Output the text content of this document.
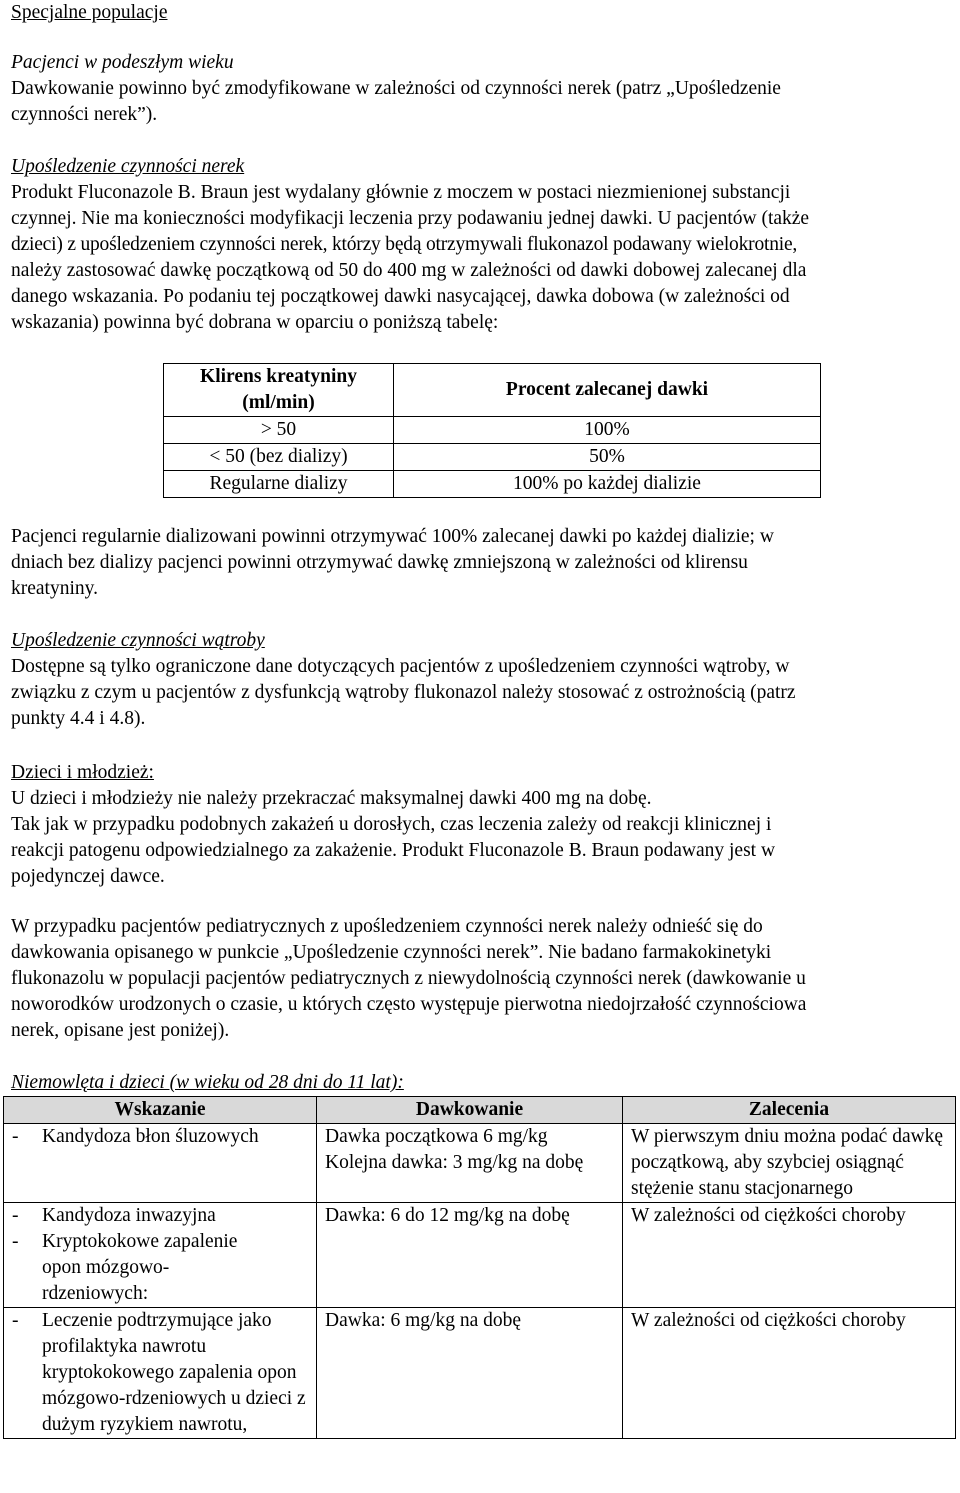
Specjalne populacje

Pacjenci w podeszłym wieku

Dawkowanie powinno być zmodyfikowane w zależności od czynności nerek (patrz „Upośledzenie
czynności nerek”).

Upośledzenie czynności nerek

Produkt Fluconazole B. Braun jest wydalany głównie z moczem w postaci niezmienionej substancji
czynnej. Nie ma konieczności modyfikacji leczenia przy podawaniu jednej dawki. U pacjentów (także
dzieci) z upośledzeniem czynności nerek, którzy będą otrzymywali flukonazol podawany wielokrotnie,
należy zastosować dawkę początkową od 50 do 400 mg w zależności od dawki dobowej zalecanej dla
danego wskazania. Po podaniu tej początkowej dawki nasycającej, dawka dobowa (w zależności od
wskazania) powinna być dobrana w oparciu o poniższą tabelę:
Klirens kreatyniny
(ml/min)	Procent zalecanej dawki
> 50	100%
< 50 (bez dializy)	50%
Regularne dializy	100% po każdej dializie
Pacjenci regularnie dializowani powinni otrzymywać 100% zalecanej dawki po każdej dializie; w
dniach bez dializy pacjenci powinni otrzymywać dawkę zmniejszoną w zależności od klirensu
kreatyniny.

Upośledzenie czynności wątroby

Dostępne są tylko ograniczone dane dotyczących pacjentów z upośledzeniem czynności wątroby, w
związku z czym u pacjentów z dysfunkcją wątroby flukonazol należy stosować z ostrożnością (patrz
punkty 4.4 i 4.8).

Dzieci i młodzież:

U dzieci i młodzieży nie należy przekraczać maksymalnej dawki 400 mg na dobę.
Tak jak w przypadku podobnych zakażeń u dorosłych, czas leczenia zależy od reakcji klinicznej i
reakcji patogenu odpowiedzialnego za zakażenie. Produkt Fluconazole B. Braun podawany jest w
pojedynczej dawce.
W przypadku pacjentów pediatrycznych z upośledzeniem czynności nerek należy odnieść się do
dawkowania opisanego w punkcie „Upośledzenie czynności nerek”. Nie badano farmakokinetyki
flukonazolu w populacji pacjentów pediatrycznych z niewydolnością czynności nerek (dawkowanie u
noworodków urodzonych o czasie, u których często występuje pierwotna niedojrzałość czynnościowa
nerek, opisane jest poniżej).

Niemowlęta i dzieci (w wieku od 28 dni do 11 lat):

Wskazanie	Dawkowanie	Zalecenia

- Kandydoza błon śluzowych	Dawka początkowa 6 mg/kg
Kolejna dawka: 3 mg/kg na dobę	W pierwszym dniu można podać dawkę początkową, aby szybciej osiągnąć stężenie stanu stacjonarnego

- Kandydoza inwazyjna
- Kryptokokowe zapalenie opon mózgowo-rdzeniowych:	Dawka: 6 do 12 mg/kg na dobę	W zależności od ciężkości choroby

- Leczenie podtrzymujące jako profilaktyka nawrotu kryptokokowego zapalenia opon mózgowo-rdzeniowych u dzieci z dużym ryzykiem nawrotu,	Dawka: 6 mg/kg na dobę	W zależności od ciężkości choroby
